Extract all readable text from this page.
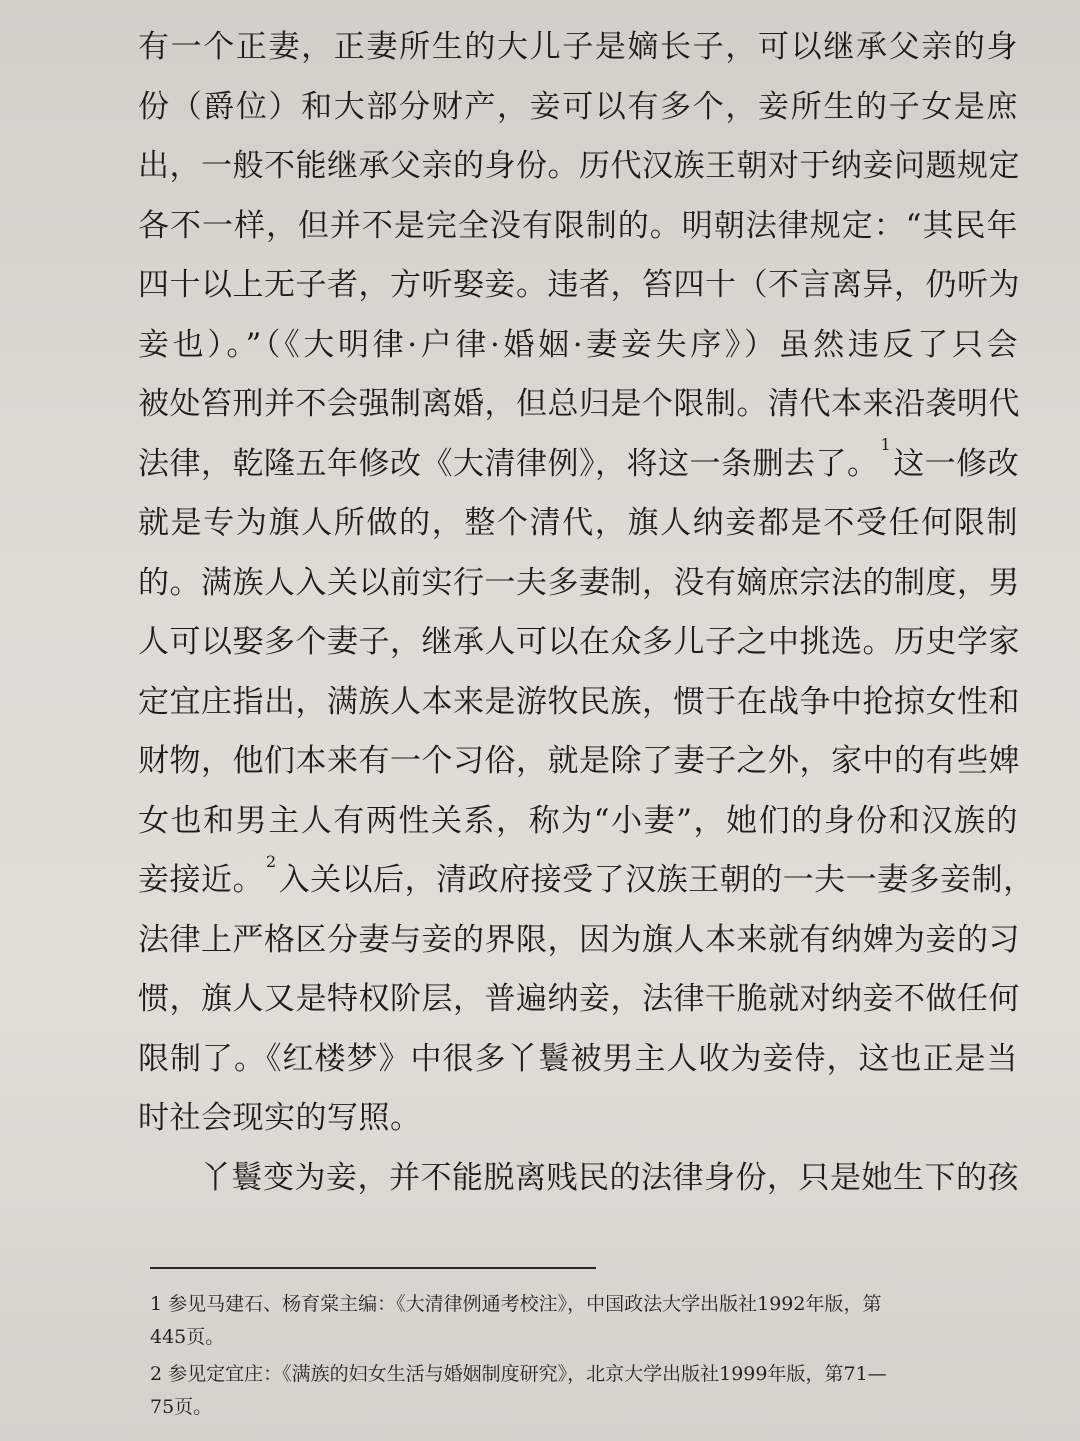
有一个正妻，正妻所生的大儿子是嫡长子，可以继承父亲的身
份（爵位）和大部分财产，妾可以有多个，妾所生的子女是庶
出，一般不能继承父亲的身份。历代汉族王朝对于纳妾问题规定
各不一样，但并不是完全没有限制的。明朝法律规定：“其民年
四十以上无子者，方听娶妾。违者，笞四十（不言离异，仍听为
妾也）。”（《大明律·户律·婚姻·妻妾失序》）虽然违反了只会
被处笞刑并不会强制离婚，但总归是个限制。清代本来沿袭明代
法律，乾隆五年修改《大清律例》，将这一条删去了。$^1$这一修改
就是专为旗人所做的，整个清代，旗人纳妾都是不受任何限制
的。满族人入关以前实行一夫多妻制，没有嫡庶宗法的制度，男
人可以娶多个妻子，继承人可以在众多儿子之中挑选。历史学家
定宜庄指出，满族人本来是游牧民族，惯于在战争中抢掠女性和
财物，他们本来有一个习俗，就是除了妻子之外，家中的有些婢
女也和男主人有两性关系，称为“小妻”，她们的身份和汉族的
妾接近。$^2$入关以后，清政府接受了汉族王朝的一夫一妻多妾制，
法律上严格区分妻与妾的界限，因为旗人本来就有纳婢为妾的习
惯，旗人又是特权阶层，普遍纳妾，法律干脆就对纳妾不做任何
限制了。《红楼梦》中很多丫鬟被男主人收为妾侍，这也正是当
时社会现实的写照。
丫鬟变为妾，并不能脱离贱民的法律身份，只是她生下的孩
1 参见马建石、杨育棠主编：《大清律例通考校注》，中国政法大学出版社1992年版，第
445页。
2 参见定宜庄：《满族的妇女生活与婚姻制度研究》，北京大学出版社1999年版，第71—
75页。
